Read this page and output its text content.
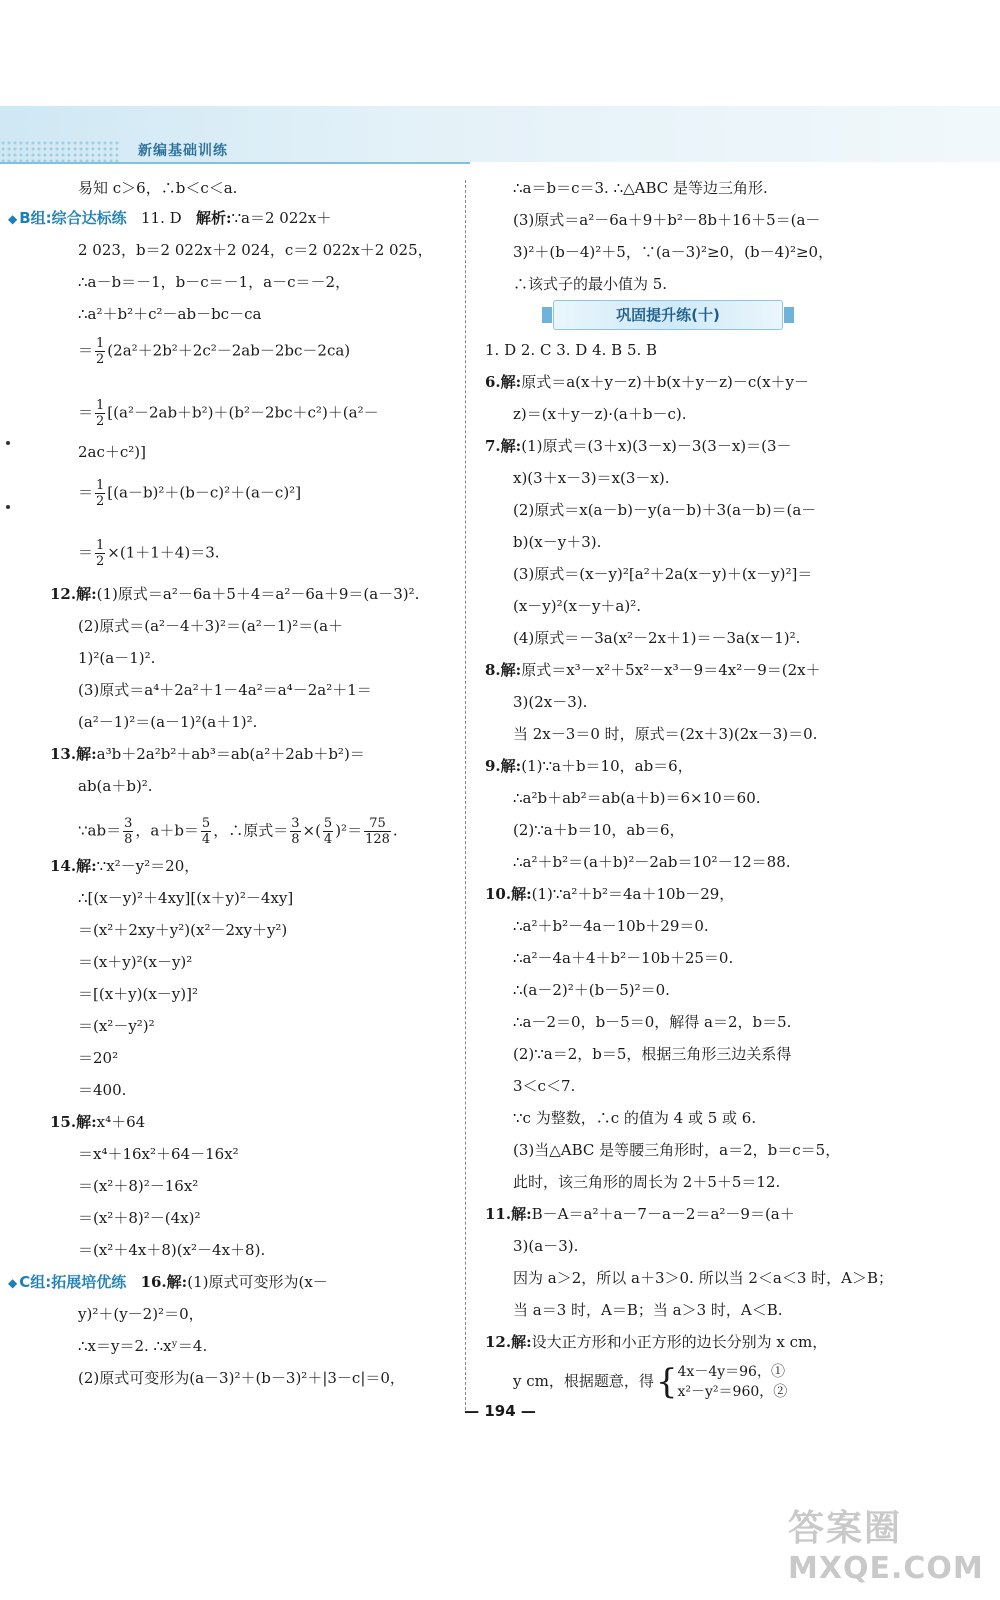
新编基础训练
易知 c＞6，∴b＜c＜a.
◆ B组:综合达标练 11. D 解析:∵a＝2 022x＋
2 023，b＝2 022x＋2 024，c＝2 022x＋2 025，
∴a－b＝－1，b－c＝－1，a－c＝－2，
∴a²＋b²＋c²－ab－bc－ca
＝ $\frac{1}{2} (2a^2+2b^2+2c^2-2ab-2bc-2ca)$
＝ $\frac{1}{2} [(a^2-2ab+b^2)+(b^2-2bc+c^2)+(a^2-$
2ac＋c²)]
＝ $\frac{1}{2} [(a-b)^2+(b-c)^2+(a-c)^2]$
＝ $\frac{1}{2} \times(1+1+4)=3$.
12.解:(1)原式＝a²－6a＋5＋4＝a²－6a＋9＝(a－3)².
(2)原式＝(a²－4＋3)²＝(a²－1)²＝(a＋
1)²(a－1)².
(3)原式＝a⁴＋2a²＋1－4a²＝a⁴－2a²＋1＝
(a²－1)²＝(a－1)²(a＋1)².
13.解:a³b＋2a²b²＋ab³＝ab(a²＋2ab＋b²)＝
ab(a＋b)².
∵ab＝ $\frac{3}{8}$ ，$a+b= \frac{5}{4}$ ，∴原式＝ $\frac{3}{8}$ ×( $\frac{5}{4} )^2= \frac{75}{128}$ .
14.解:∵x²－y²＝20，
∴[(x－y)²＋4xy][(x＋y)²－4xy]
＝(x²＋2xy＋y²)(x²－2xy＋y²)
＝(x＋y)²(x－y)²
＝[(x＋y)(x－y)]²
＝(x²－y²)²
＝20²
＝400.
15.解:x⁴＋64
＝x⁴＋16x²＋64－16x²
＝(x²＋8)²－16x²
＝(x²＋8)²－(4x)²
＝(x²＋4x＋8)(x²－4x＋8).
◆ C组:拓展培优练 16.解:(1)原式可变形为(x－
y)²＋(y－2)²＝0，
∴x＝y＝2. ∴xʸ＝4.
(2)原式可变形为(a－3)²＋(b－3)²＋|3－c|＝0，
∴a＝b＝c＝3. ∴△ABC 是等边三角形.
(3)原式＝a²－6a＋9＋b²－8b＋16＋5＝(a－
3)²＋(b－4)²＋5，∵(a－3)²≥0，(b－4)²≥0，
∴该式子的最小值为 5.
巩固提升练(十)
1. D 2. C 3. D 4. B 5. B
6.解:原式＝a(x＋y－z)＋b(x＋y－z)－c(x＋y－
z)＝(x＋y－z)·(a＋b－c).
7.解:(1)原式＝(3＋x)(3－x)－3(3－x)＝(3－
x)(3＋x－3)＝x(3－x).
(2)原式＝x(a－b)－y(a－b)＋3(a－b)＝(a－
b)(x－y＋3).
(3)原式＝(x－y)²[a²＋2a(x－y)＋(x－y)²]＝
(x－y)²(x－y＋a)².
(4)原式＝－3a(x²－2x＋1)＝－3a(x－1)².
8.解:原式＝x³－x²＋5x²－x³－9＝4x²－9＝(2x＋
3)(2x－3).
当 2x－3＝0 时，原式＝(2x＋3)(2x－3)＝0.
9.解:(1)∵a＋b＝10，ab＝6，
∴a²b＋ab²＝ab(a＋b)＝6×10＝60.
(2)∵a＋b＝10，ab＝6，
∴a²＋b²＝(a＋b)²－2ab＝10²－12＝88.
10.解:(1)∵a²＋b²＝4a＋10b－29，
∴a²＋b²－4a－10b＋29＝0.
∴a²－4a＋4＋b²－10b＋25＝0.
∴(a－2)²＋(b－5)²＝0.
∴a－2＝0，b－5＝0，解得 a＝2，b＝5.
(2)∵a＝2，b＝5，根据三角形三边关系得
3＜c＜7.
∵c 为整数，∴c 的值为 4 或 5 或 6.
(3)当△ABC 是等腰三角形时，a＝2，b＝c＝5，
此时，该三角形的周长为 2＋5＋5＝12.
11.解:B－A＝a²＋a－7－a－2＝a²－9＝(a＋
3)(a－3).
因为 a＞2，所以 a＋3＞0. 所以当 2＜a＜3 时，A＞B；
当 a＝3 时，A＝B；当 a＞3 时，A＜B.
12.解:设大正方形和小正方形的边长分别为 x cm，
y cm，根据题意，得{ 4x－4y＝96，①
x²－y²＝960，②
— 194 —
答案圈
MXQE.COM
